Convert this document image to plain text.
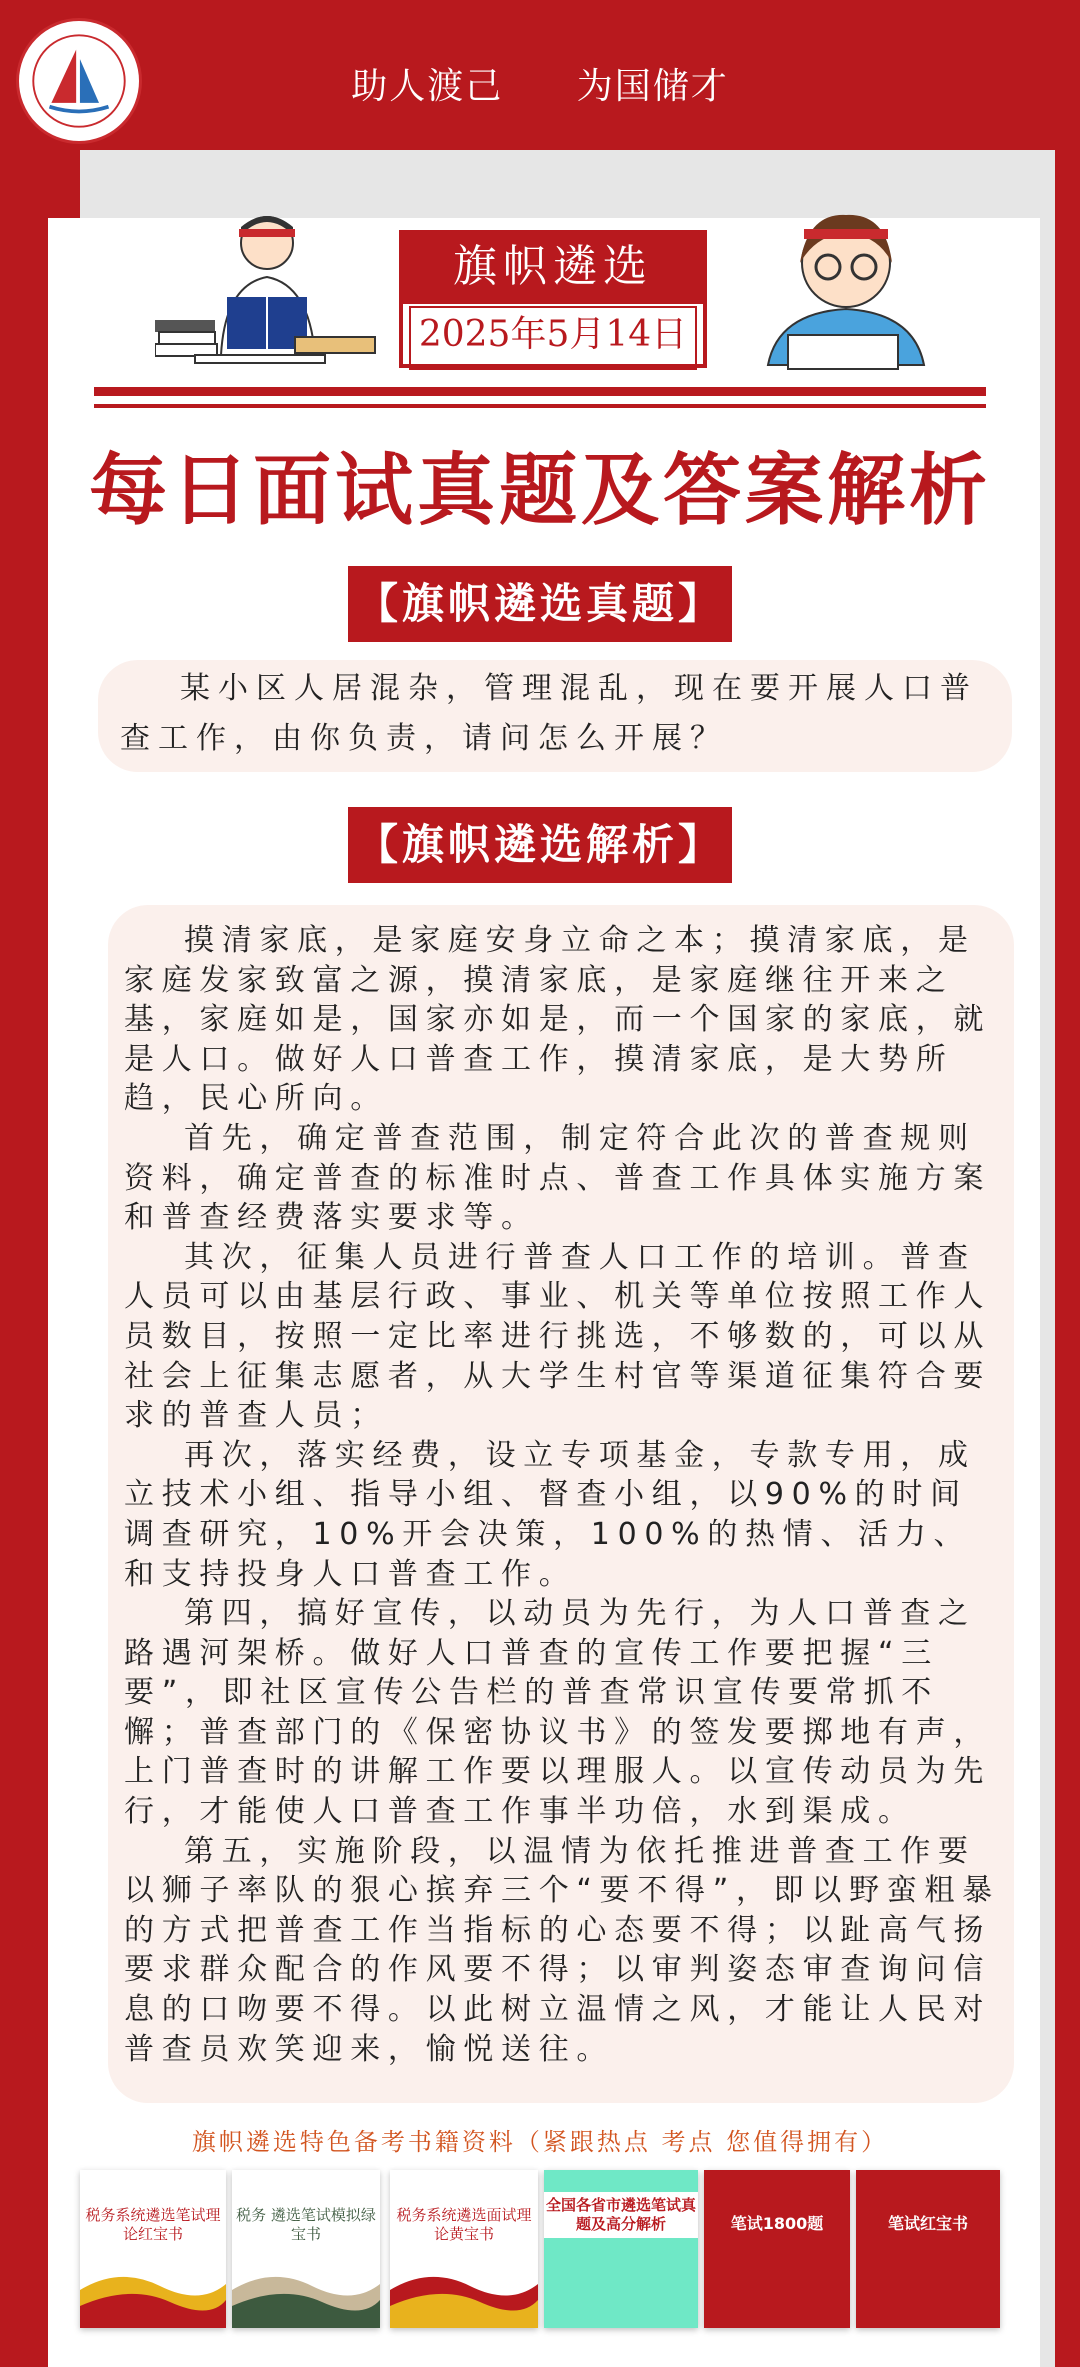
助人渡己 为国储才
旗帜遴选
2025年5月14日
每日面试真题及答案解析
【旗帜遴选真题】

某小区人居混杂，管理混乱，现在要开展人口普查工作，由你负责，请问怎么开展？

【旗帜遴选解析】

摸清家底，是家庭安身立命之本；摸清家底，是家庭发家致富之源，摸清家底，是家庭继往开来之基，家庭如是，国家亦如是，而一个国家的家底，就是人口。做好人口普查工作，摸清家底，是大势所趋，民心所向。

首先，确定普查范围，制定符合此次的普查规则资料，确定普查的标准时点、普查工作具体实施方案和普查经费落实要求等。

其次，征集人员进行普查人口工作的培训。普查人员可以由基层行政、事业、机关等单位按照工作人员数目，按照一定比率进行挑选，不够数的，可以从社会上征集志愿者，从大学生村官等渠道征集符合要求的普查人员；

再次，落实经费，设立专项基金，专款专用，成立技术小组、指导小组、督查小组，以90%的时间调查研究，10%开会决策，100%的热情、活力、和支持投身人口普查工作。

第四，搞好宣传，以动员为先行，为人口普查之路遇河架桥。做好人口普查的宣传工作要把握“三要”，即社区宣传公告栏的普查常识宣传要常抓不懈；普查部门的《保密协议书》的签发要掷地有声，上门普查时的讲解工作要以理服人。以宣传动员为先行，才能使人口普查工作事半功倍，水到渠成。

第五，实施阶段，以温情为依托推进普查工作要以狮子率队的狠心摈弃三个“要不得”，即以野蛮粗暴的方式把普查工作当指标的心态要不得；以趾高气扬要求群众配合的作风要不得；以审判姿态审查询问信息的口吻要不得。以此树立温情之风，才能让人民对普查员欢笑迎来，愉悦送往。

旗帜遴选特色备考书籍资料（紧跟热点 考点 您值得拥有）
税务系统遴选笔试理论红宝书
税务 遴选笔试模拟绿宝书
税务系统遴选面试理论黄宝书
全国各省市遴选笔试真题及高分解析	笔试1800题	笔试红宝书
